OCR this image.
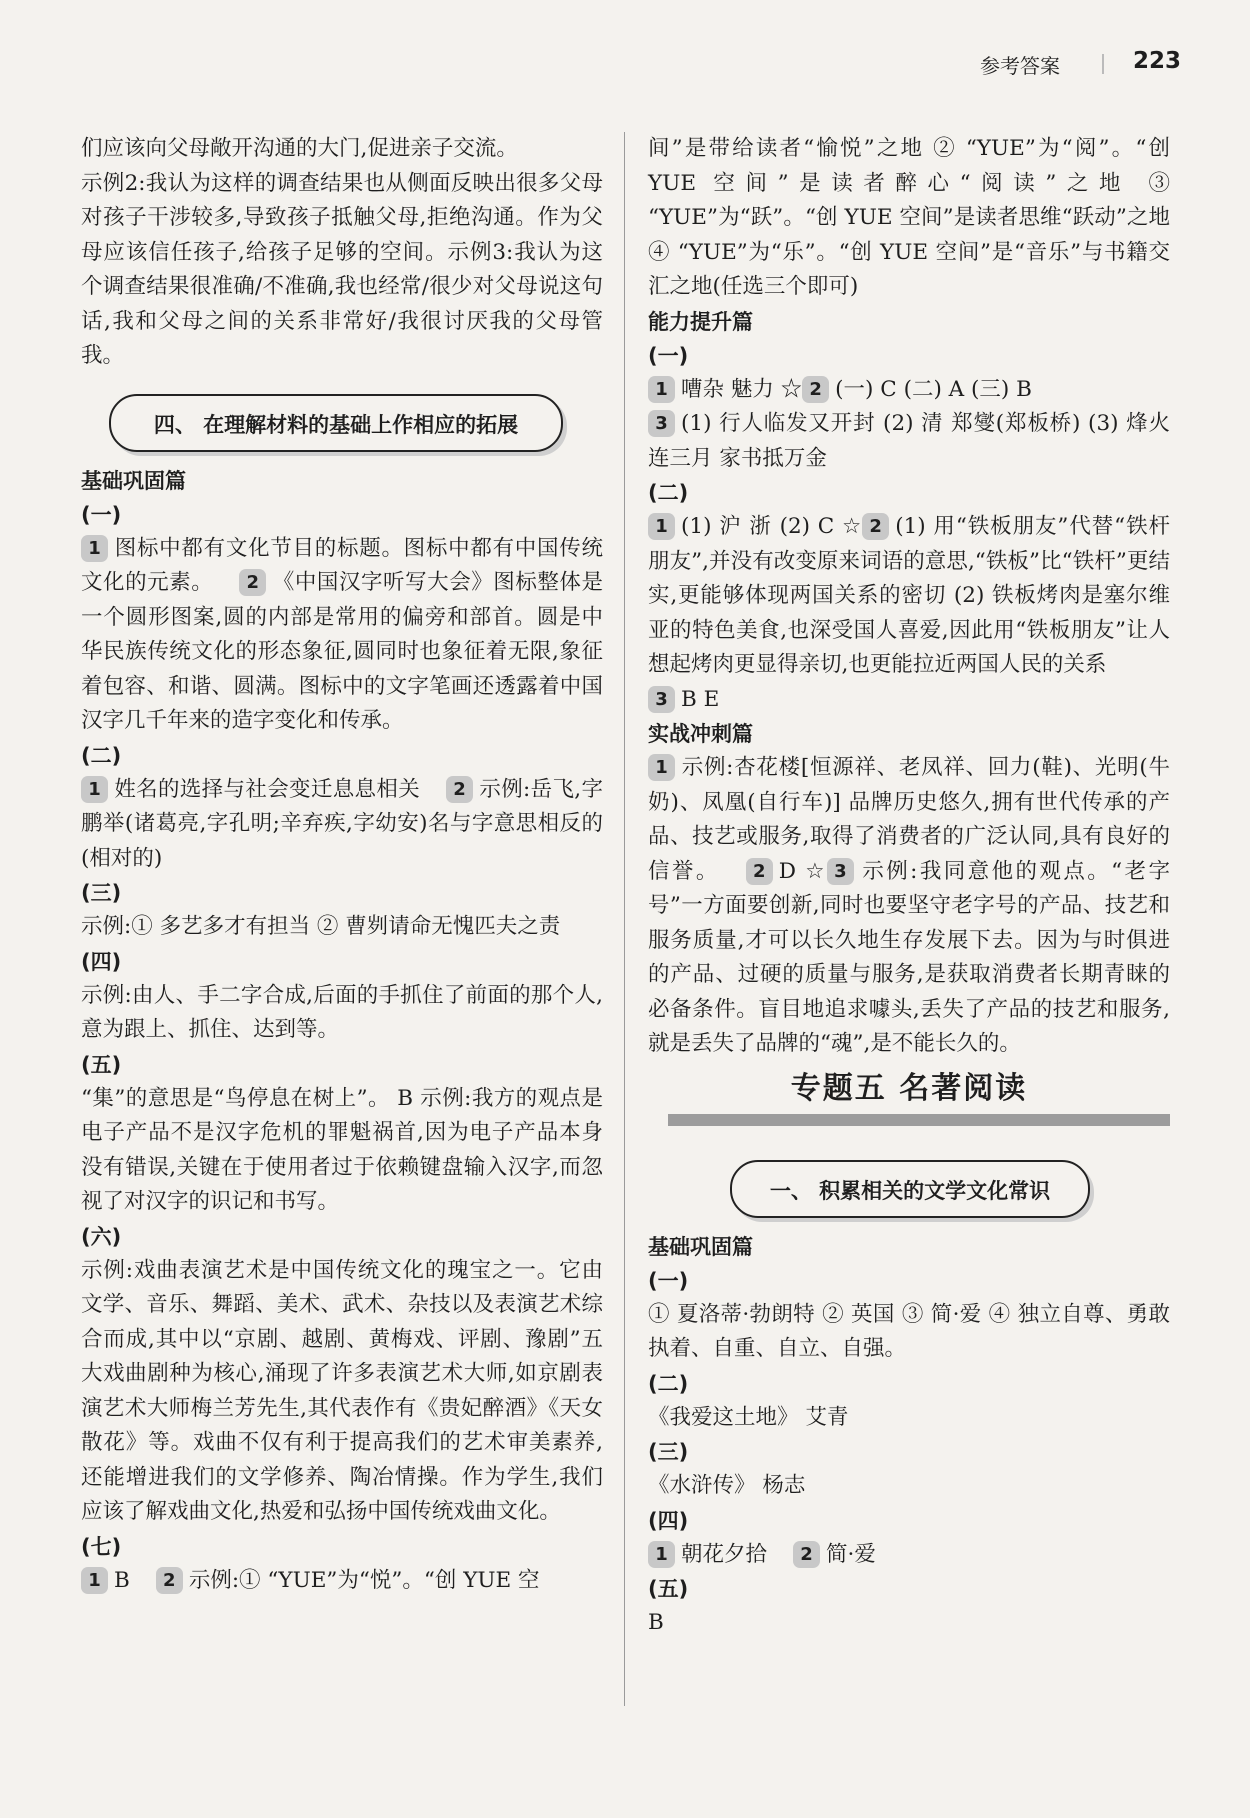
参考答案	223

们应该向父母敞开沟通的大门,促进亲子交流。

示例2:我认为这样的调查结果也从侧面反映出很多父母对孩子干涉较多,导致孩子抵触父母,拒绝沟通。作为父母应该信任孩子,给孩子足够的空间。示例3:我认为这个调查结果很准确/不准确,我也经常/很少对父母说这句话,我和父母之间的关系非常好/我很讨厌我的父母管我。

四、 在理解材料的基础上作相应的拓展

基础巩固篇

(一)

1 图标中都有文化节目的标题。图标中都有中国传统文化的元素。 2 《中国汉字听写大会》图标整体是一个圆形图案,圆的内部是常用的偏旁和部首。圆是中华民族传统文化的形态象征,圆同时也象征着无限,象征着包容、和谐、圆满。图标中的文字笔画还透露着中国汉字几千年来的造字变化和传承。

(二)

1 姓名的选择与社会变迁息息相关 2 示例:岳飞,字鹏举(诸葛亮,字孔明;辛弃疾,字幼安)名与字意思相反的(相对的)

(三)

示例:① 多艺多才有担当 ② 曹刿请命无愧匹夫之责

(四)

示例:由人、手二字合成,后面的手抓住了前面的那个人,意为跟上、抓住、达到等。

(五)

“集”的意思是“鸟停息在树上”。 B 示例:我方的观点是电子产品不是汉字危机的罪魁祸首,因为电子产品本身没有错误,关键在于使用者过于依赖键盘输入汉字,而忽视了对汉字的识记和书写。

(六)

示例:戏曲表演艺术是中国传统文化的瑰宝之一。它由文学、音乐、舞蹈、美术、武术、杂技以及表演艺术综合而成,其中以“京剧、越剧、黄梅戏、评剧、豫剧”五大戏曲剧种为核心,涌现了许多表演艺术大师,如京剧表演艺术大师梅兰芳先生,其代表作有《贵妃醉酒》《天女散花》等。戏曲不仅有利于提高我们的艺术审美素养,还能增进我们的文学修养、陶冶情操。作为学生,我们应该了解戏曲文化,热爱和弘扬中国传统戏曲文化。

(七)

1 B 2 示例:① “YUE”为“悦”。“创 YUE 空

间”是带给读者“愉悦”之地 ② “YUE”为“阅”。“创 YUE 空间”是读者醉心“阅读”之地 ③ “YUE”为“跃”。“创 YUE 空间”是读者思维“跃动”之地 ④ “YUE”为“乐”。“创 YUE 空间”是“音乐”与书籍交汇之地(任选三个即可)

能力提升篇

(一)

1 嘈杂 魅力 ☆ 2 (一) C (二) A (三) B
3 (1) 行人临发又开封 (2) 清 郑燮(郑板桥) (3) 烽火连三月 家书抵万金

(二)

1 (1) 沪 浙 (2) C ☆ 2 (1) 用“铁板朋友”代替“铁杆朋友”,并没有改变原来词语的意思,“铁板”比“铁杆”更结实,更能够体现两国关系的密切 (2) 铁板烤肉是塞尔维亚的特色美食,也深受国人喜爱,因此用“铁板朋友”让人想起烤肉更显得亲切,也更能拉近两国人民的关系
3 B E

实战冲刺篇

1 示例:杏花楼[恒源祥、老凤祥、回力(鞋)、光明(牛奶)、凤凰(自行车)] 品牌历史悠久,拥有世代传承的产品、技艺或服务,取得了消费者的广泛认同,具有良好的信誉。 2 D ☆ 3 示例:我同意他的观点。“老字号”一方面要创新,同时也要坚守老字号的产品、技艺和服务质量,才可以长久地生存发展下去。因为与时俱进的产品、过硬的质量与服务,是获取消费者长期青睐的必备条件。盲目地追求噱头,丢失了产品的技艺和服务,就是丢失了品牌的“魂”,是不能长久的。

专题五 名著阅读
一、 积累相关的文学文化常识

基础巩固篇

(一)

① 夏洛蒂·勃朗特 ② 英国 ③ 简·爱 ④ 独立自尊、勇敢执着、自重、自立、自强。

(二)

《我爱这土地》 艾青

(三)

《水浒传》 杨志

(四)

1 朝花夕拾 2 简·爱

(五)

B
